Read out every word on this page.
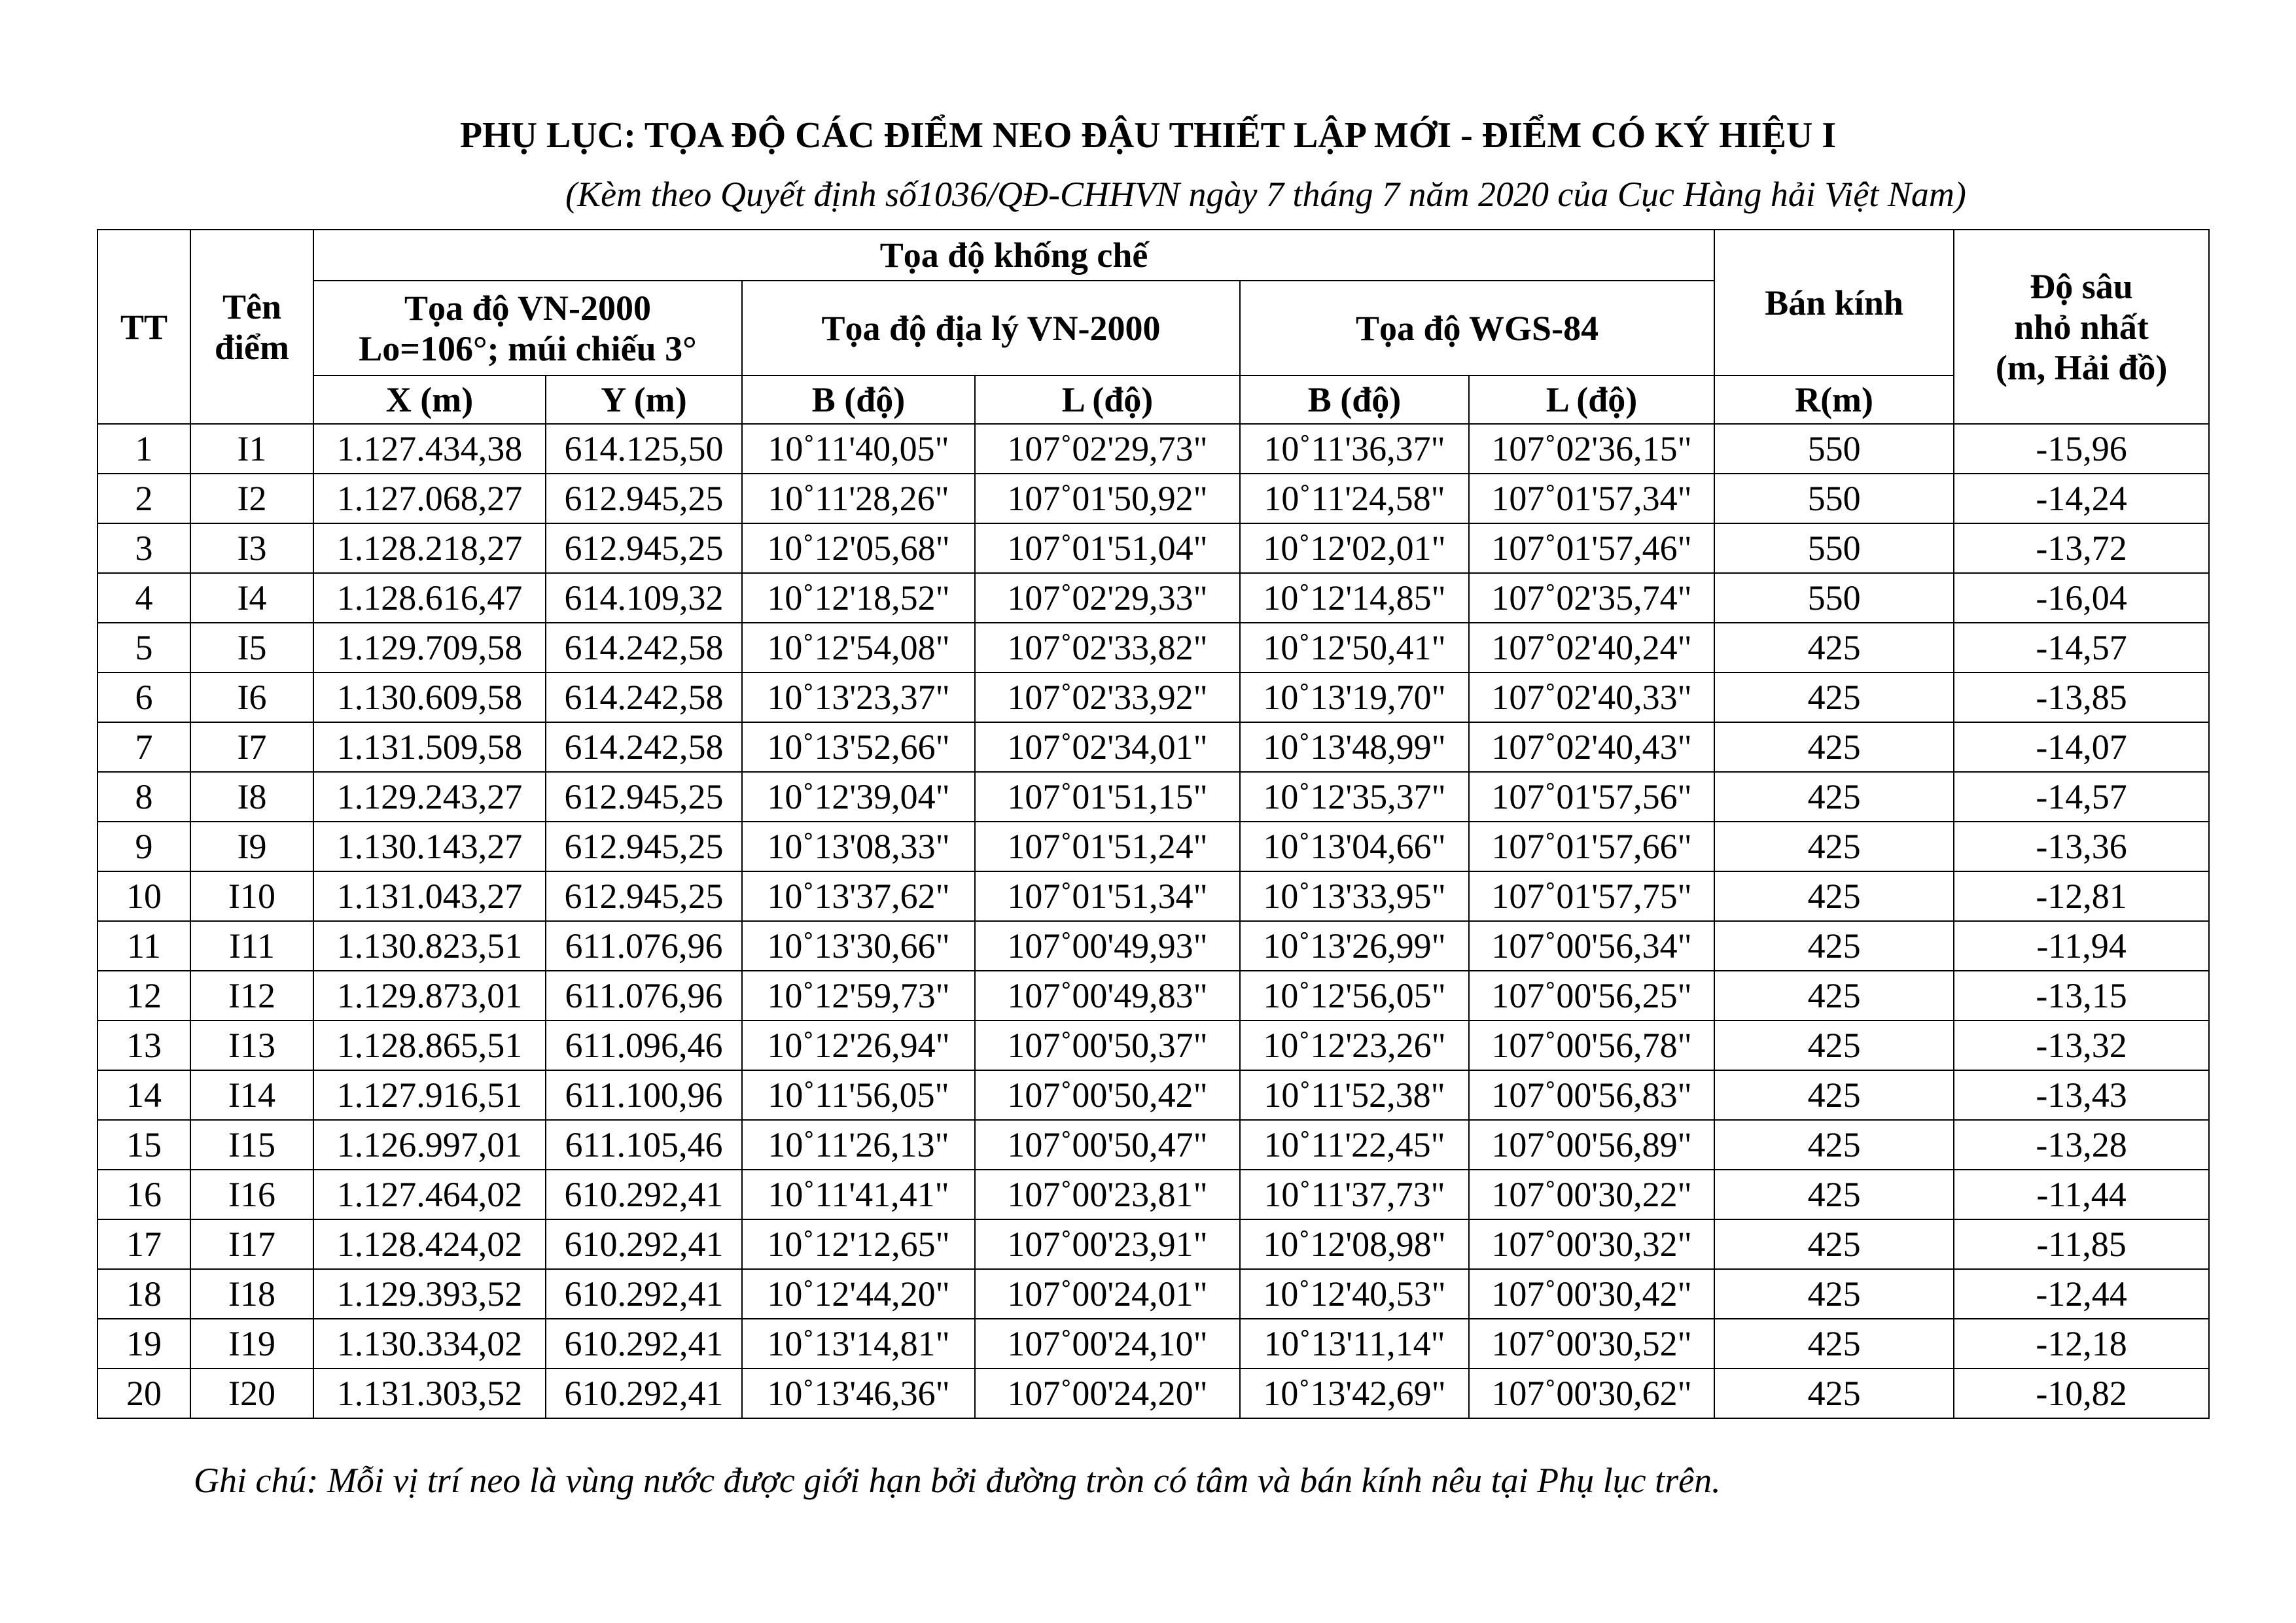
PHỤ LỤC: TỌA ĐỘ CÁC ĐIỂM NEO ĐẬU THIẾT LẬP MỚI - ĐIỂM CÓ KÝ HIỆU I
(Kèm theo Quyết định số1036/QĐ-CHHVN ngày 7 tháng 7 năm 2020 của Cục Hàng hải Việt Nam)
TT	Tên
điểm	Tọa độ khống chế						Bán kính	Độ sâu
nhỏ nhất
(m, Hải đồ)
		Tọa độ VN-2000
Lo=106°; múi chiếu 3°		Tọa độ địa lý VN-2000		Tọa độ WGS-84			
		X (m)	Y (m)	B (độ)	L (độ)	B (độ)	L (độ)	R(m)	
1	I1	1.127.434,38	614.125,50	10˚11'40,05"	107˚02'29,73"	10˚11'36,37"	107˚02'36,15"	550	-15,96
2	I2	1.127.068,27	612.945,25	10˚11'28,26"	107˚01'50,92"	10˚11'24,58"	107˚01'57,34"	550	-14,24
3	I3	1.128.218,27	612.945,25	10˚12'05,68"	107˚01'51,04"	10˚12'02,01"	107˚01'57,46"	550	-13,72
4	I4	1.128.616,47	614.109,32	10˚12'18,52"	107˚02'29,33"	10˚12'14,85"	107˚02'35,74"	550	-16,04
5	I5	1.129.709,58	614.242,58	10˚12'54,08"	107˚02'33,82"	10˚12'50,41"	107˚02'40,24"	425	-14,57
6	I6	1.130.609,58	614.242,58	10˚13'23,37"	107˚02'33,92"	10˚13'19,70"	107˚02'40,33"	425	-13,85
7	I7	1.131.509,58	614.242,58	10˚13'52,66"	107˚02'34,01"	10˚13'48,99"	107˚02'40,43"	425	-14,07
8	I8	1.129.243,27	612.945,25	10˚12'39,04"	107˚01'51,15"	10˚12'35,37"	107˚01'57,56"	425	-14,57
9	I9	1.130.143,27	612.945,25	10˚13'08,33"	107˚01'51,24"	10˚13'04,66"	107˚01'57,66"	425	-13,36
10	I10	1.131.043,27	612.945,25	10˚13'37,62"	107˚01'51,34"	10˚13'33,95"	107˚01'57,75"	425	-12,81
11	I11	1.130.823,51	611.076,96	10˚13'30,66"	107˚00'49,93"	10˚13'26,99"	107˚00'56,34"	425	-11,94
12	I12	1.129.873,01	611.076,96	10˚12'59,73"	107˚00'49,83"	10˚12'56,05"	107˚00'56,25"	425	-13,15
13	I13	1.128.865,51	611.096,46	10˚12'26,94"	107˚00'50,37"	10˚12'23,26"	107˚00'56,78"	425	-13,32
14	I14	1.127.916,51	611.100,96	10˚11'56,05"	107˚00'50,42"	10˚11'52,38"	107˚00'56,83"	425	-13,43
15	I15	1.126.997,01	611.105,46	10˚11'26,13"	107˚00'50,47"	10˚11'22,45"	107˚00'56,89"	425	-13,28
16	I16	1.127.464,02	610.292,41	10˚11'41,41"	107˚00'23,81"	10˚11'37,73"	107˚00'30,22"	425	-11,44
17	I17	1.128.424,02	610.292,41	10˚12'12,65"	107˚00'23,91"	10˚12'08,98"	107˚00'30,32"	425	-11,85
18	I18	1.129.393,52	610.292,41	10˚12'44,20"	107˚00'24,01"	10˚12'40,53"	107˚00'30,42"	425	-12,44
19	I19	1.130.334,02	610.292,41	10˚13'14,81"	107˚00'24,10"	10˚13'11,14"	107˚00'30,52"	425	-12,18
20	I20	1.131.303,52	610.292,41	10˚13'46,36"	107˚00'24,20"	10˚13'42,69"	107˚00'30,62"	425	-10,82
Ghi chú: Mỗi vị trí neo là vùng nước được giới hạn bởi đường tròn có tâm và bán kính nêu tại Phụ lục trên.
